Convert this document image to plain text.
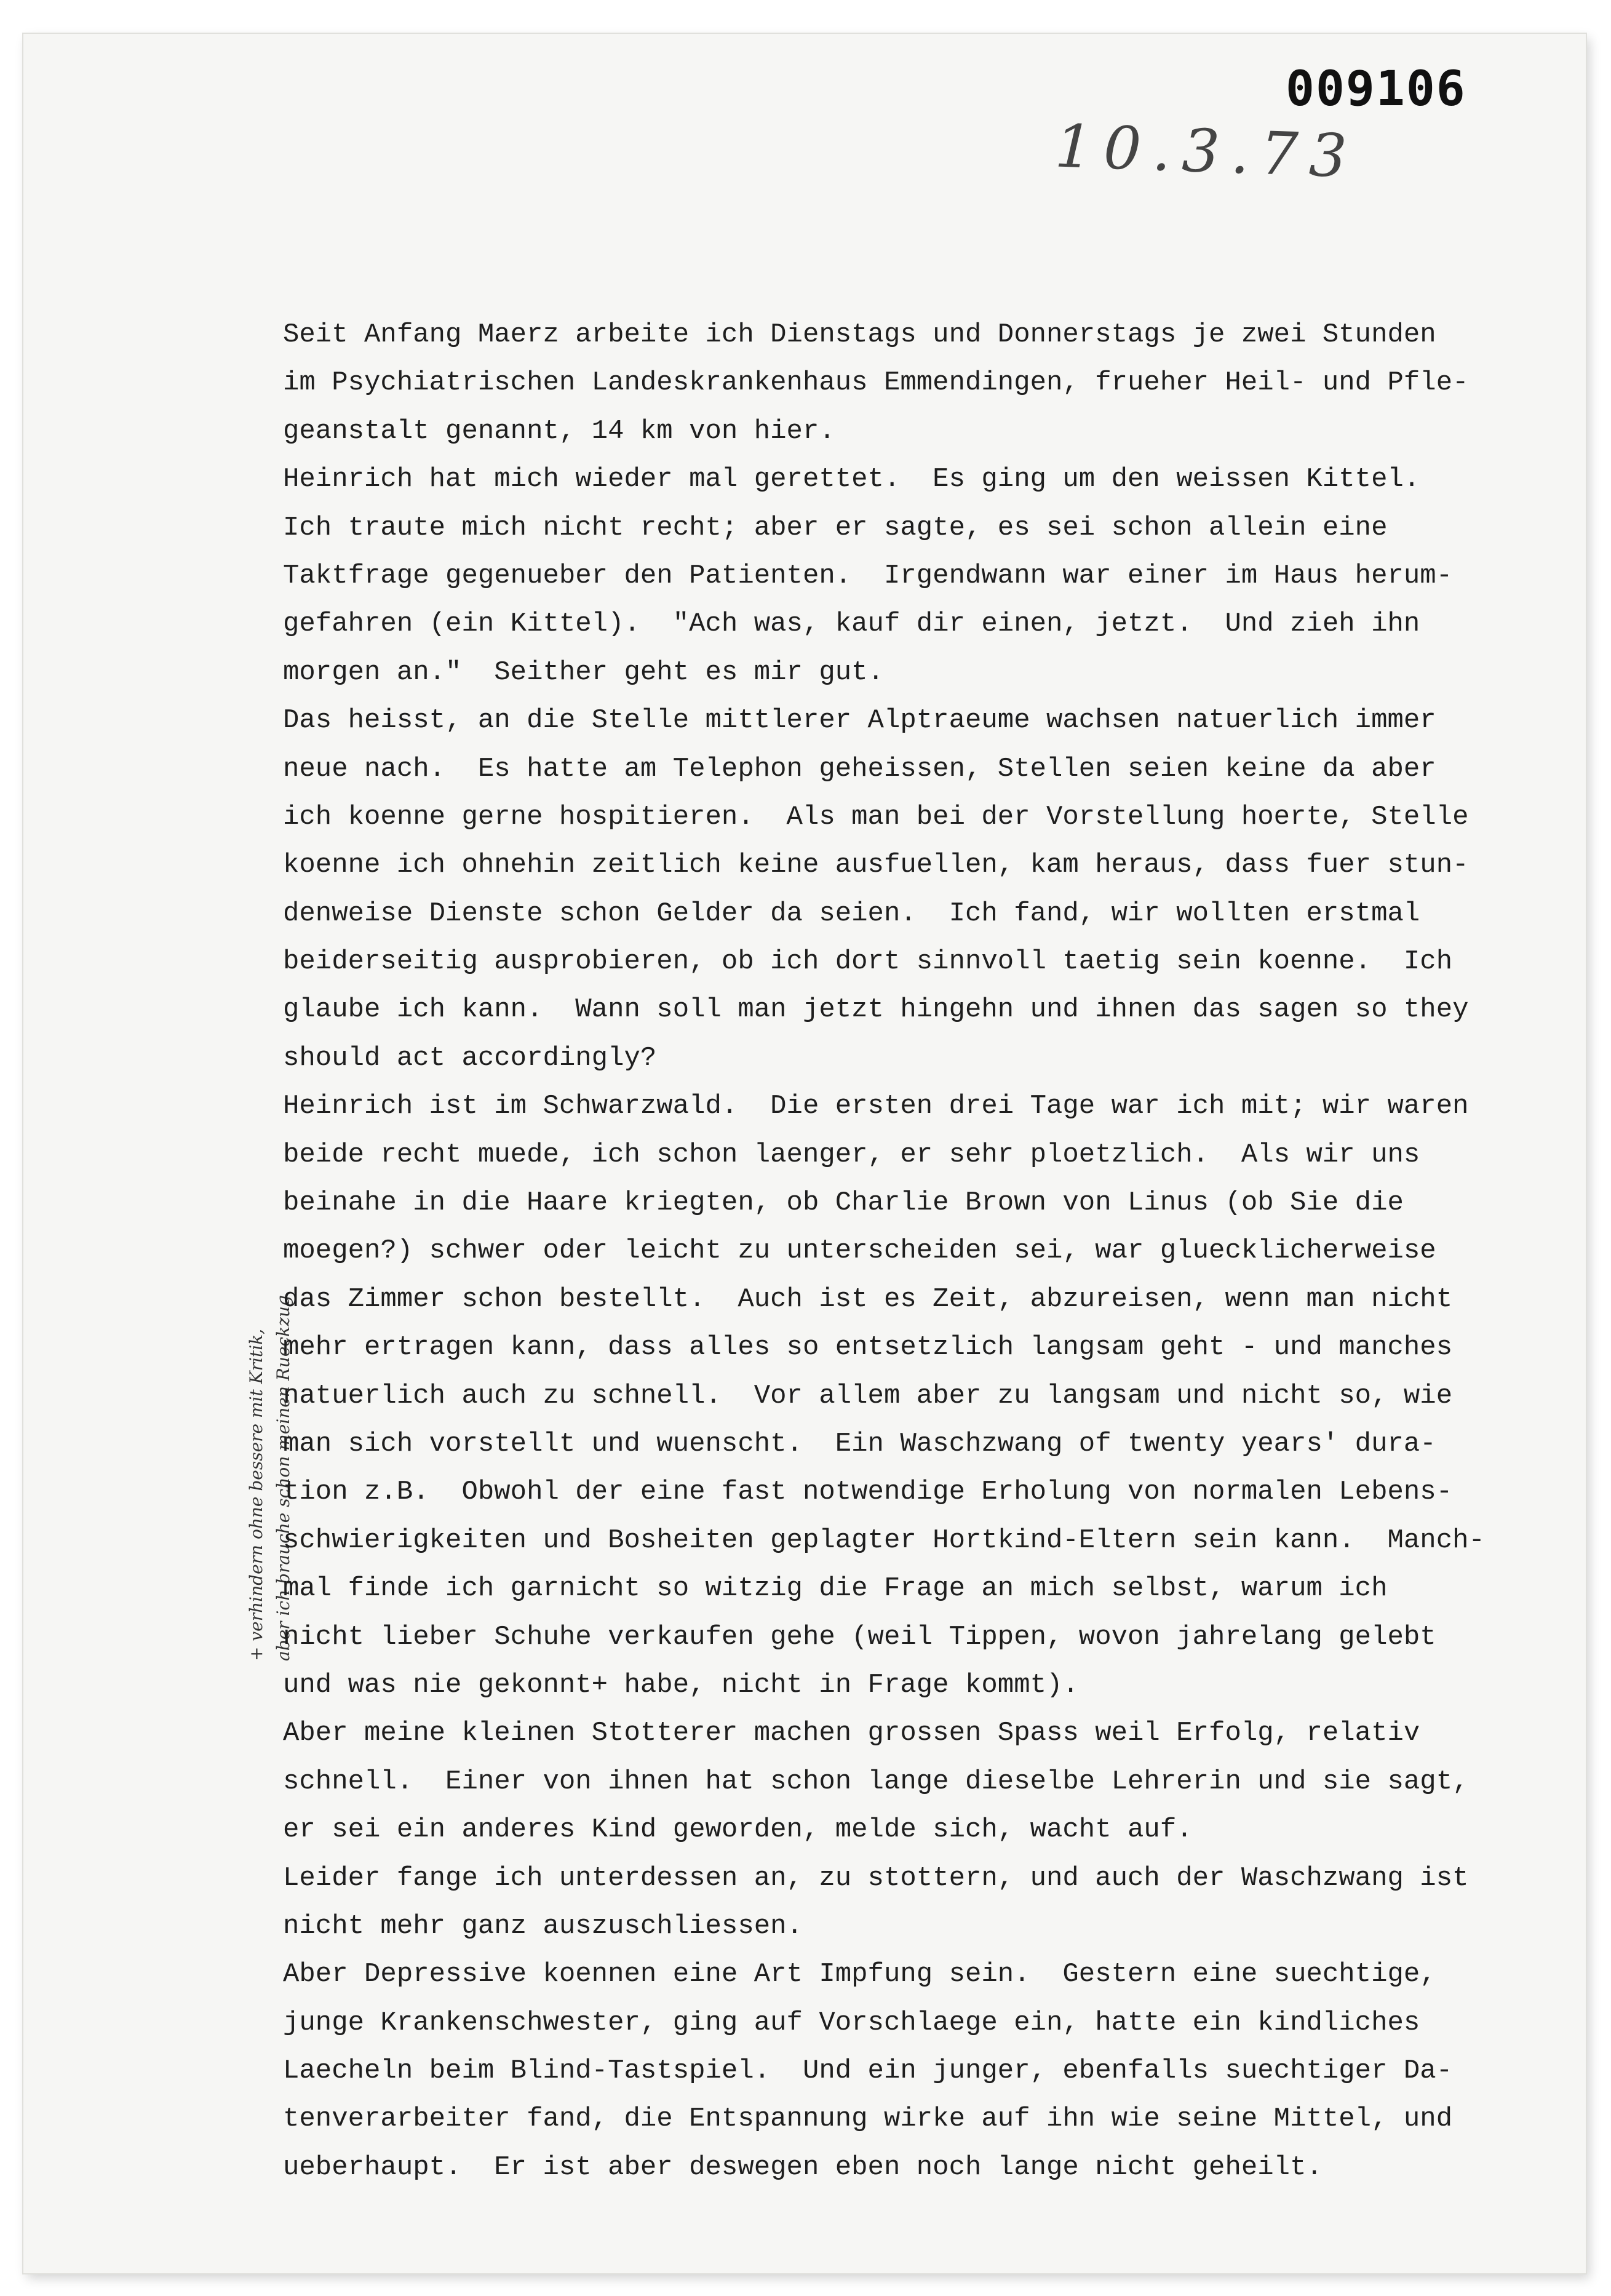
009106
10.3.73
+ verhindern ohne bessere mit Kritik, aber ich brauche schon meinen Rueckzug
Seit Anfang Maerz arbeite ich Dienstags und Donnerstags je zwei Stunden
im Psychiatrischen Landeskrankenhaus Emmendingen, frueher Heil- und Pfle-
geanstalt genannt, 14 km von hier.
Heinrich hat mich wieder mal gerettet.  Es ging um den weissen Kittel.
Ich traute mich nicht recht; aber er sagte, es sei schon allein eine
Taktfrage gegenueber den Patienten.  Irgendwann war einer im Haus herum-
gefahren (ein Kittel).  "Ach was, kauf dir einen, jetzt.  Und zieh ihn
morgen an."  Seither geht es mir gut.
Das heisst, an die Stelle mittlerer Alptraeume wachsen natuerlich immer
neue nach.  Es hatte am Telephon geheissen, Stellen seien keine da aber
ich koenne gerne hospitieren.  Als man bei der Vorstellung hoerte, Stelle
koenne ich ohnehin zeitlich keine ausfuellen, kam heraus, dass fuer stun-
denweise Dienste schon Gelder da seien.  Ich fand, wir wollten erstmal
beiderseitig ausprobieren, ob ich dort sinnvoll taetig sein koenne.  Ich
glaube ich kann.  Wann soll man jetzt hingehn und ihnen das sagen so they
should act accordingly?
Heinrich ist im Schwarzwald.  Die ersten drei Tage war ich mit; wir waren
beide recht muede, ich schon laenger, er sehr ploetzlich.  Als wir uns
beinahe in die Haare kriegten, ob Charlie Brown von Linus (ob Sie die
moegen?) schwer oder leicht zu unterscheiden sei, war gluecklicherweise
das Zimmer schon bestellt.  Auch ist es Zeit, abzureisen, wenn man nicht
mehr ertragen kann, dass alles so entsetzlich langsam geht - und manches
natuerlich auch zu schnell.  Vor allem aber zu langsam und nicht so, wie
man sich vorstellt und wuenscht.  Ein Waschzwang of twenty years' dura-
tion z.B.  Obwohl der eine fast notwendige Erholung von normalen Lebens-
schwierigkeiten und Bosheiten geplagter Hortkind-Eltern sein kann.  Manch-
mal finde ich garnicht so witzig die Frage an mich selbst, warum ich
nicht lieber Schuhe verkaufen gehe (weil Tippen, wovon jahrelang gelebt
und was nie gekonnt+ habe, nicht in Frage kommt).
Aber meine kleinen Stotterer machen grossen Spass weil Erfolg, relativ
schnell.  Einer von ihnen hat schon lange dieselbe Lehrerin und sie sagt,
er sei ein anderes Kind geworden, melde sich, wacht auf.
Leider fange ich unterdessen an, zu stottern, und auch der Waschzwang ist
nicht mehr ganz auszuschliessen.
Aber Depressive koennen eine Art Impfung sein.  Gestern eine suechtige,
junge Krankenschwester, ging auf Vorschlaege ein, hatte ein kindliches
Laecheln beim Blind-Tastspiel.  Und ein junger, ebenfalls suechtiger Da-
tenverarbeiter fand, die Entspannung wirke auf ihn wie seine Mittel, und
ueberhaupt.  Er ist aber deswegen eben noch lange nicht geheilt.
